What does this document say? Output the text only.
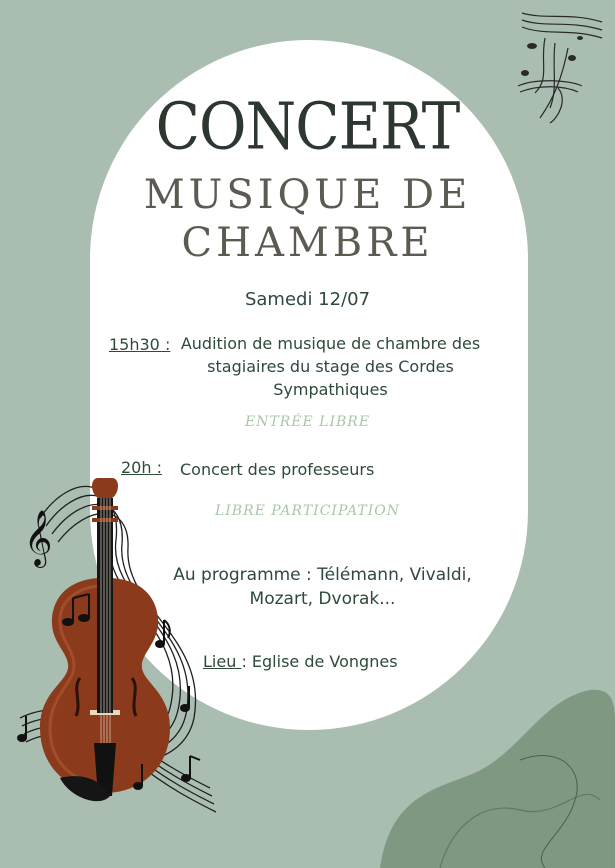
CONCERT
MUSIQUE DE
CHAMBRE
Samedi 12/07
15h30 : Audition de musique de chambre des stagiaires du stage des Cordes Sympathiques
ENTRÉE LIBRE
20h : Concert des professeurs
LIBRE PARTICIPATION
Au programme : Télémann, Vivaldi, Mozart, Dvorak...
Lieu : Eglise de Vongnes
𝄞
